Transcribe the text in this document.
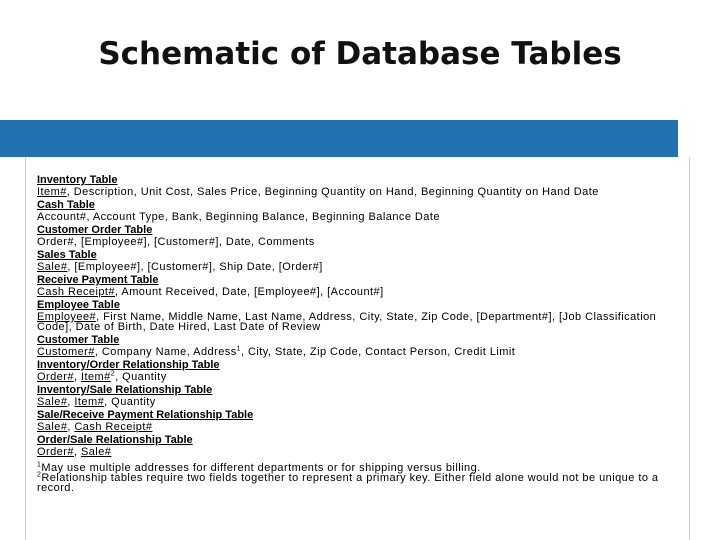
Schematic of Database Tables
Inventory Table
Item#, Description, Unit Cost, Sales Price, Beginning Quantity on Hand, Beginning Quantity on Hand Date
Cash Table
Account#, Account Type, Bank, Beginning Balance, Beginning Balance Date
Customer Order Table
Order#, [Employee#], [Customer#], Date, Comments
Sales Table
Sale#, [Employee#], [Customer#], Ship Date, [Order#]
Receive Payment Table
Cash Receipt#, Amount Received, Date, [Employee#], [Account#]
Employee Table
Employee#, First Name, Middle Name, Last Name, Address, City, State, Zip Code, [Department#], [Job Classification Code], Date of Birth, Date Hired, Last Date of Review
Customer Table
Customer#, Company Name, Address$^1$, City, State, Zip Code, Contact Person, Credit Limit
Inventory/Order Relationship Table
Order#, Item#$^2$, Quantity
Inventory/Sale Relationship Table
Sale#, Item#, Quantity
Sale/Receive Payment Relationship Table
Sale#, Cash Receipt#
Order/Sale Relationship Table
Order#, Sale#
$^1$May use multiple addresses for different departments or for shipping versus billing.
$^2$Relationship tables require two fields together to represent a primary key. Either field alone would not be unique to a record.
